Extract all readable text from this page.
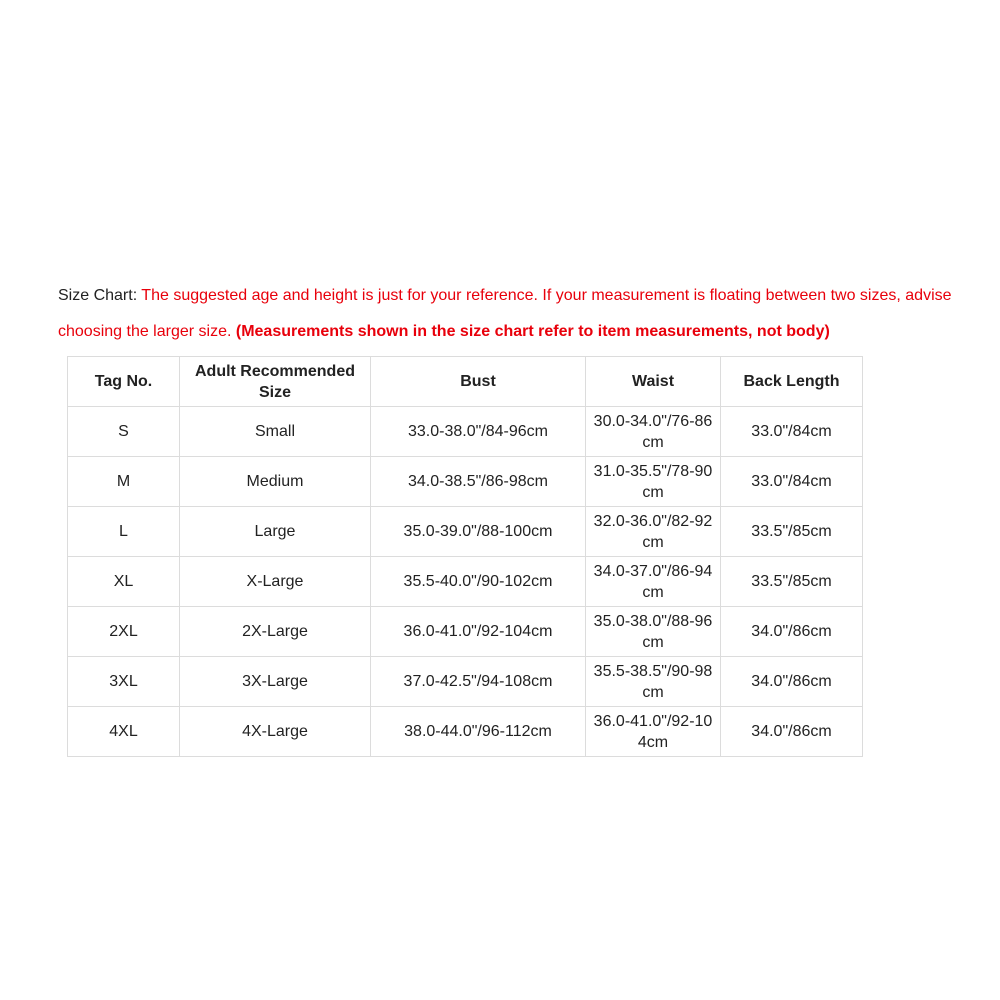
Size Chart: The suggested age and height is just for your reference. If your measurement is floating between two sizes, advise choosing the larger size. (Measurements shown in the size chart refer to item measurements, not body)

Tag No.	Adult Recommended Size	Bust	Waist	Back Length
S	Small	33.0-38.0"/84-96cm	30.0-34.0"/76-86cm	33.0"/84cm
M	Medium	34.0-38.5"/86-98cm	31.0-35.5"/78-90cm	33.0"/84cm
L	Large	35.0-39.0"/88-100cm	32.0-36.0"/82-92cm	33.5"/85cm
XL	X-Large	35.5-40.0"/90-102cm	34.0-37.0"/86-94cm	33.5"/85cm
2XL	2X-Large	36.0-41.0"/92-104cm	35.0-38.0"/88-96cm	34.0"/86cm
3XL	3X-Large	37.0-42.5"/94-108cm	35.5-38.5"/90-98cm	34.0"/86cm
4XL	4X-Large	38.0-44.0"/96-112cm	36.0-41.0"/92-104cm	34.0"/86cm
